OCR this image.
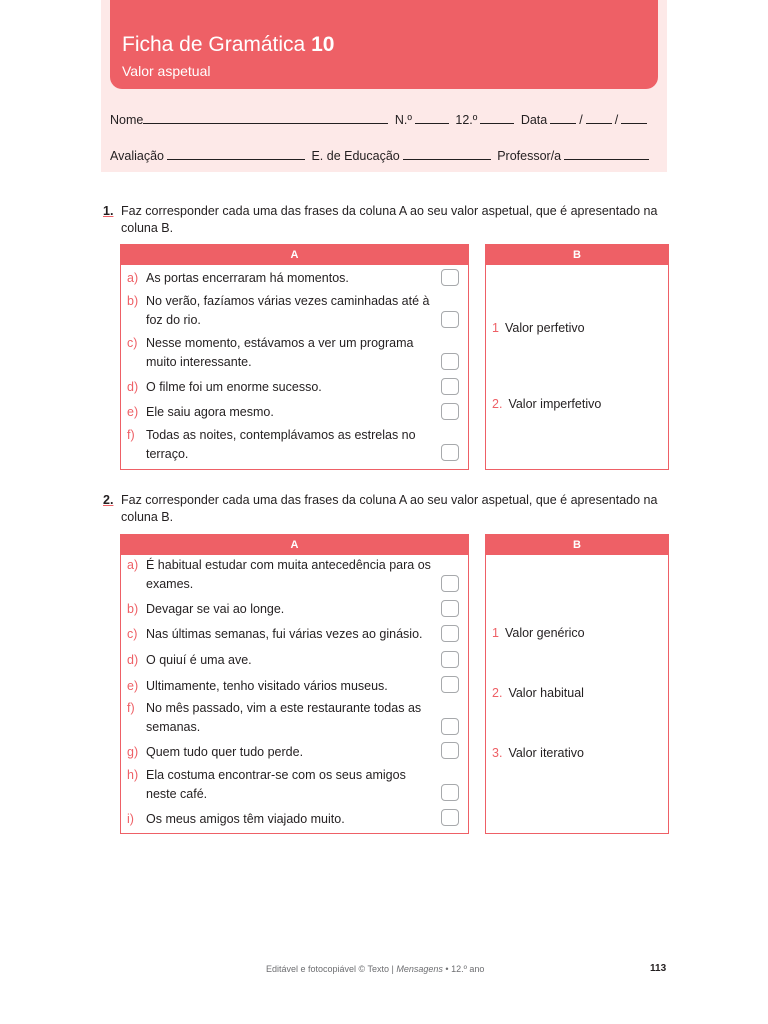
Ficha de Gramática 10
Valor aspetual
Nome	N.º	12.º	Data	/	/
Avaliação	E. de Educação	Professor/a
1. Faz corresponder cada uma das frases da coluna A ao seu valor aspetual, que é apresentado na coluna B.
A
a) As portas encerraram há momentos.
b) No verão, fazíamos várias vezes caminhadas até à foz do rio.
c) Nesse momento, estávamos a ver um programa muito interessante.
d) O filme foi um enorme sucesso.
e) Ele saiu agora mesmo.
f) Todas as noites, contemplávamos as estrelas no terraço.
B
1 Valor perfetivo
2. Valor imperfetivo
2. Faz corresponder cada uma das frases da coluna A ao seu valor aspetual, que é apresentado na coluna B.
A
a) É habitual estudar com muita antecedência para os exames.
b) Devagar se vai ao longe.
c) Nas últimas semanas, fui várias vezes ao ginásio.
d) O quiuí é uma ave.
e) Ultimamente, tenho visitado vários museus.
f) No mês passado, vim a este restaurante todas as semanas.
g) Quem tudo quer tudo perde.
h) Ela costuma encontrar-se com os seus amigos neste café.
i) Os meus amigos têm viajado muito.
B
1 Valor genérico
2. Valor habitual
3. Valor iterativo
Editável e fotocopiável © Texto | Mensagens • 12.º ano	113
